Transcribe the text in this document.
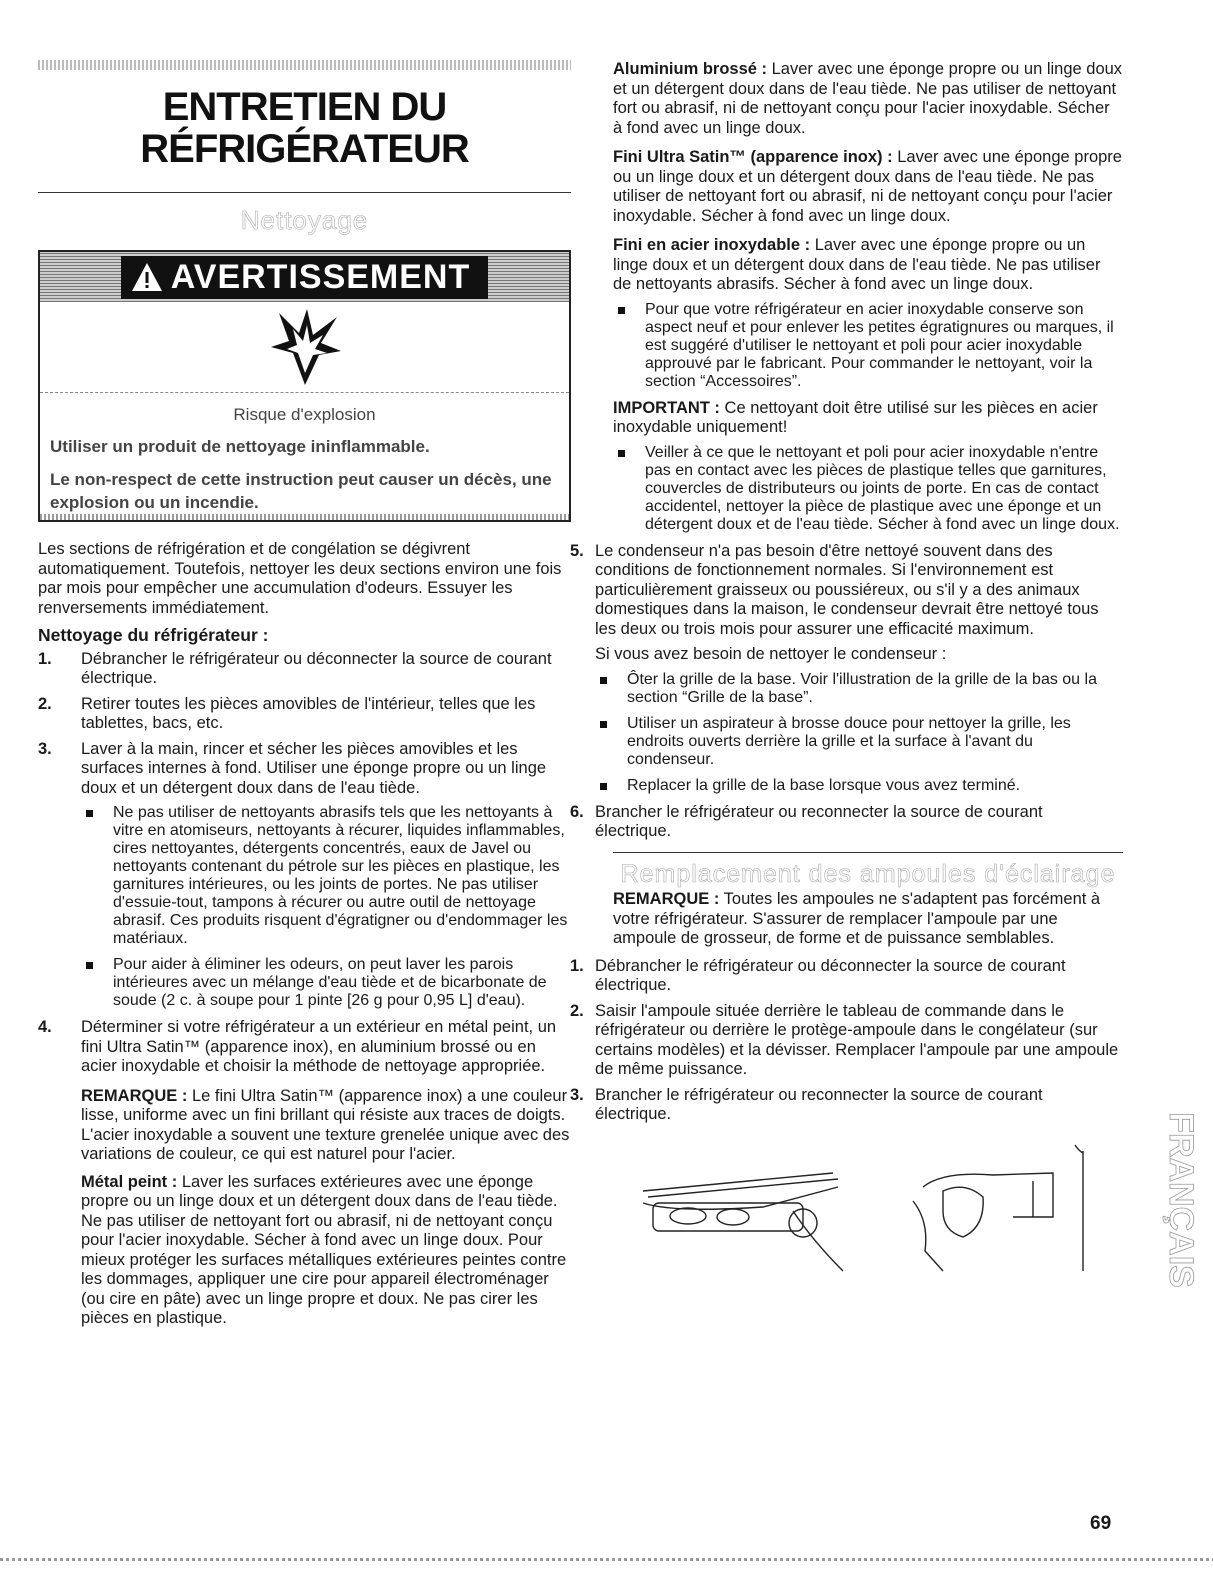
ENTRETIEN DU
RÉFRIGÉRATEUR
Nettoyage
AVERTISSEMENT
Risque d'explosion
Utiliser un produit de nettoyage ininflammable.
Le non-respect de cette instruction peut causer un décès, une explosion ou un incendie.

Les sections de réfrigération et de congélation se dégivrent automatiquement. Toutefois, nettoyer les deux sections environ une fois par mois pour empêcher une accumulation d'odeurs. Essuyer les renversements immédiatement.

Nettoyage du réfrigérateur :
1. Débrancher le réfrigérateur ou déconnecter la source de courant électrique.
2. Retirer toutes les pièces amovibles de l'intérieur, telles que les tablettes, bacs, etc.
3. Laver à la main, rincer et sécher les pièces amovibles et les surfaces internes à fond. Utiliser une éponge propre ou un linge doux et un détergent doux dans de l'eau tiède.
Ne pas utiliser de nettoyants abrasifs tels que les nettoyants à vitre en atomiseurs, nettoyants à récurer, liquides inflammables, cires nettoyantes, détergents concentrés, eaux de Javel ou nettoyants contenant du pétrole sur les pièces en plastique, les garnitures intérieures, ou les joints de portes. Ne pas utiliser d'essuie-tout, tampons à récurer ou autre outil de nettoyage abrasif. Ces produits risquent d'égratigner ou d'endommager les matériaux.
Pour aider à éliminer les odeurs, on peut laver les parois intérieures avec un mélange d'eau tiède et de bicarbonate de soude (2 c. à soupe pour 1 pinte [26 g pour 0,95 L] d'eau).
4. Déterminer si votre réfrigérateur a un extérieur en métal peint, un fini Ultra Satin™ (apparence inox), en aluminium brossé ou en acier inoxydable et choisir la méthode de nettoyage appropriée.

REMARQUE : Le fini Ultra Satin™ (apparence inox) a une couleur lisse, uniforme avec un fini brillant qui résiste aux traces de doigts. L'acier inoxydable a souvent une texture grenelée unique avec des variations de couleur, ce qui est naturel pour l'acier.

Métal peint : Laver les surfaces extérieures avec une éponge propre ou un linge doux et un détergent doux dans de l'eau tiède. Ne pas utiliser de nettoyant fort ou abrasif, ni de nettoyant conçu pour l'acier inoxydable. Sécher à fond avec un linge doux. Pour mieux protéger les surfaces métalliques extérieures peintes contre les dommages, appliquer une cire pour appareil électroménager (ou cire en pâte) avec un linge propre et doux. Ne pas cirer les pièces en plastique.

Aluminium brossé : Laver avec une éponge propre ou un linge doux et un détergent doux dans de l'eau tiède. Ne pas utiliser de nettoyant fort ou abrasif, ni de nettoyant conçu pour l'acier inoxydable. Sécher à fond avec un linge doux.

Fini Ultra Satin™ (apparence inox) : Laver avec une éponge propre ou un linge doux et un détergent doux dans de l'eau tiède. Ne pas utiliser de nettoyant fort ou abrasif, ni de nettoyant conçu pour l'acier inoxydable. Sécher à fond avec un linge doux.

Fini en acier inoxydable : Laver avec une éponge propre ou un linge doux et un détergent doux dans de l'eau tiède. Ne pas utiliser de nettoyants abrasifs. Sécher à fond avec un linge doux.

Pour que votre réfrigérateur en acier inoxydable conserve son aspect neuf et pour enlever les petites égratignures ou marques, il est suggéré d'utiliser le nettoyant et poli pour acier inoxydable approuvé par le fabricant. Pour commander le nettoyant, voir la section “Accessoires”.

IMPORTANT : Ce nettoyant doit être utilisé sur les pièces en acier inoxydable uniquement!

Veiller à ce que le nettoyant et poli pour acier inoxydable n'entre pas en contact avec les pièces de plastique telles que garnitures, couvercles de distributeurs ou joints de porte. En cas de contact accidentel, nettoyer la pièce de plastique avec une éponge et un détergent doux et de l'eau tiède. Sécher à fond avec un linge doux.
5. Le condenseur n'a pas besoin d'être nettoyé souvent dans des conditions de fonctionnement normales. Si l'environnement est particulièrement graisseux ou poussiéreux, ou s'il y a des animaux domestiques dans la maison, le condenseur devrait être nettoyé tous les deux ou trois mois pour assurer une efficacité maximum.

Si vous avez besoin de nettoyer le condenseur :

Ôter la grille de la base. Voir l'illustration de la grille de la bas ou la section “Grille de la base”.
Utiliser un aspirateur à brosse douce pour nettoyer la grille, les endroits ouverts derrière la grille et la surface à l'avant du condenseur.
Replacer la grille de la base lorsque vous avez terminé.
6. Brancher le réfrigérateur ou reconnecter la source de courant électrique.
Remplacement des ampoules d'éclairage

REMARQUE : Toutes les ampoules ne s'adaptent pas forcément à votre réfrigérateur. S'assurer de remplacer l'ampoule par une ampoule de grosseur, de forme et de puissance semblables.

1. Débrancher le réfrigérateur ou déconnecter la source de courant électrique.
2. Saisir l'ampoule située derrière le tableau de commande dans le réfrigérateur ou derrière le protège-ampoule dans le congélateur (sur certains modèles) et la dévisser. Remplacer l'ampoule par une ampoule de même puissance.
3. Brancher le réfrigérateur ou reconnecter la source de courant électrique.	FRANÇAIS
69
